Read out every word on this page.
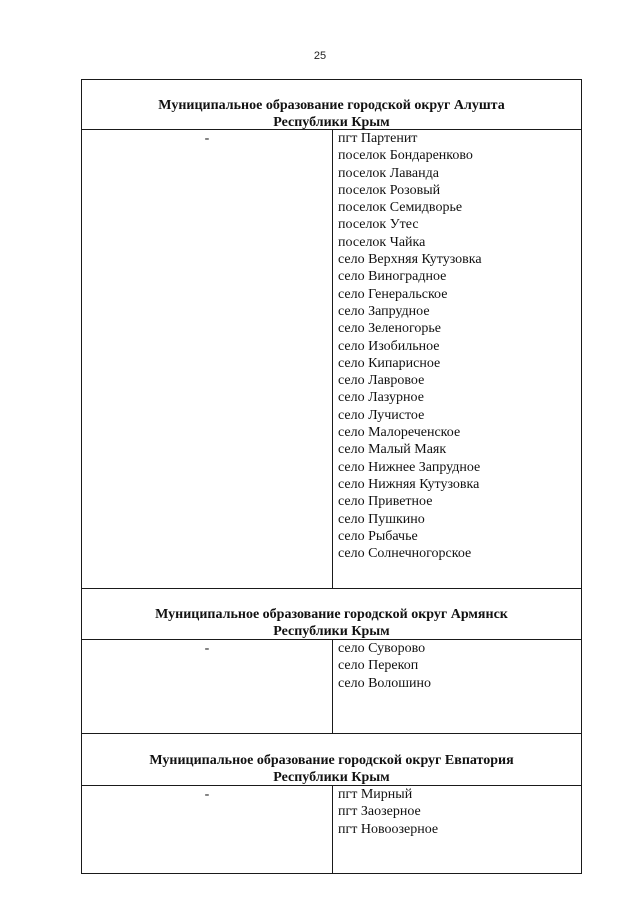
25
Муниципальное образование городской округ Алушта
Республики Крым
-	пгт Партенит
поселок Бондаренково
поселок Лаванда
поселок Розовый
поселок Семидворье
поселок Утес
поселок Чайка
село Верхняя Кутузовка
село Виноградное
село Генеральское
село Запрудное
село Зеленогорье
село Изобильное
село Кипарисное
село Лавровое
село Лазурное
село Лучистое
село Малореченское
село Малый Маяк
село Нижнее Запрудное
село Нижняя Кутузовка
село Приветное
село Пушкино
село Рыбачье
село Солнечногорское
Муниципальное образование городской округ Армянск
Республики Крым
-	село Суворово
село Перекоп
село Волошино
Муниципальное образование городской округ Евпатория
Республики Крым
-	пгт Мирный
пгт Заозерное
пгт Новоозерное
